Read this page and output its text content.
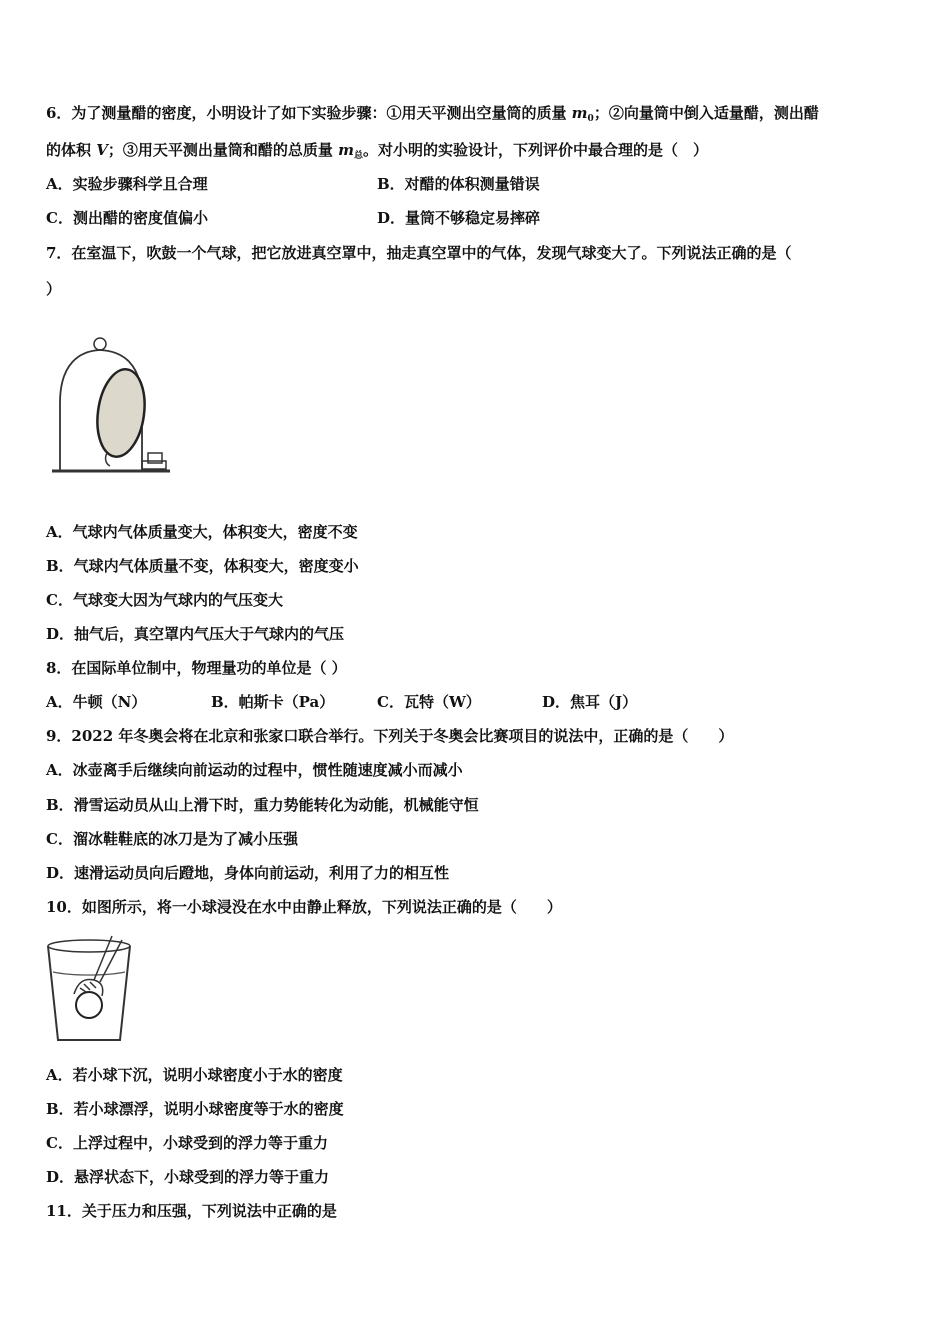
6．为了测量醋的密度，小明设计了如下实验步骤：①用天平测出空量筒的质量 $m_0$；②向量筒中倒入适量醋，测出醋
的体积 V；③用天平测出量筒和醋的总质量 $m_总$。对小明的实验设计，下列评价中最合理的是（　）
A．实验步骤科学且合理	B．对醋的体积测量错误
C．测出醋的密度值偏小	D．量筒不够稳定易摔碎
7．在室温下，吹鼓一个气球，把它放进真空罩中，抽走真空罩中的气体，发现气球变大了。下列说法正确的是（
）
A．气球内气体质量变大，体积变大，密度不变
B．气球内气体质量不变，体积变大，密度变小
C．气球变大因为气球内的气压变大
D．抽气后，真空罩内气压大于气球内的气压
8．在国际单位制中，物理量功的单位是（ ）
A．牛顿（N）	B．帕斯卡（Pa）	C．瓦特（W）	D．焦耳（J）
9．2022 年冬奥会将在北京和张家口联合举行。下列关于冬奥会比赛项目的说法中，正确的是（　　）
A．冰壶离手后继续向前运动的过程中，惯性随速度减小而减小
B．滑雪运动员从山上滑下时，重力势能转化为动能，机械能守恒
C．溜冰鞋鞋底的冰刀是为了减小压强
D．速滑运动员向后蹬地，身体向前运动，利用了力的相互性
10．如图所示，将一小球浸没在水中由静止释放，下列说法正确的是（　　）
A．若小球下沉，说明小球密度小于水的密度
B．若小球漂浮，说明小球密度等于水的密度
C．上浮过程中，小球受到的浮力等于重力
D．悬浮状态下，小球受到的浮力等于重力
11．关于压力和压强，下列说法中正确的是
